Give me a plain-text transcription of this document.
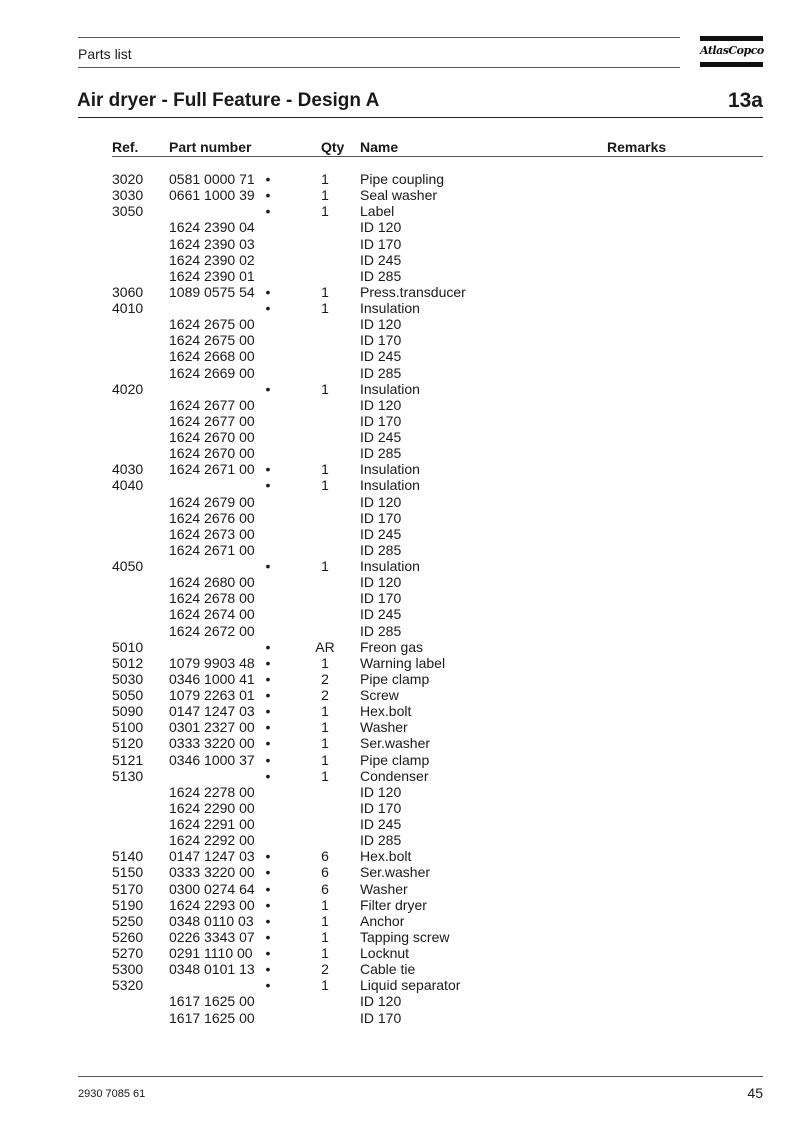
Parts list	AtlasCopco
Air dryer - Full Feature - Design A	13a
Ref. Part number	Qty Name	Remarks
3020 0581 0000 71 •	1	Pipe coupling
3030 0661 1000 39 •	1	Seal washer
3050	•	1	Label
1624 2390 04	ID 120
1624 2390 03	ID 170
1624 2390 02	ID 245
1624 2390 01	ID 285
3060 1089 0575 54 •	1	Press.transducer
4010	•	1	Insulation
1624 2675 00	ID 120
1624 2675 00	ID 170
1624 2668 00	ID 245
1624 2669 00	ID 285
4020	•	1	Insulation
1624 2677 00	ID 120
1624 2677 00	ID 170
1624 2670 00	ID 245
1624 2670 00	ID 285
4030 1624 2671 00 •	1	Insulation
4040	•	1	Insulation
1624 2679 00	ID 120
1624 2676 00	ID 170
1624 2673 00	ID 245
1624 2671 00	ID 285
4050	•	1	Insulation
1624 2680 00	ID 120
1624 2678 00	ID 170
1624 2674 00	ID 245
1624 2672 00	ID 285
5010	•	AR	Freon gas
5012 1079 9903 48 •	1	Warning label
5030 0346 1000 41 •	2	Pipe clamp
5050 1079 2263 01 •	2	Screw
5090 0147 1247 03 •	1	Hex.bolt
5100 0301 2327 00 •	1	Washer
5120 0333 3220 00 •	1	Ser.washer
5121 0346 1000 37 •	1	Pipe clamp
5130	•	1	Condenser
1624 2278 00	ID 120
1624 2290 00	ID 170
1624 2291 00	ID 245
1624 2292 00	ID 285
5140 0147 1247 03 •	6	Hex.bolt
5150 0333 3220 00 •	6	Ser.washer
5170 0300 0274 64 •	6	Washer
5190 1624 2293 00 •	1	Filter dryer
5250 0348 0110 03 •	1	Anchor
5260 0226 3343 07 •	1	Tapping screw
5270 0291 1110 00 •	1	Locknut
5300 0348 0101 13 •	2	Cable tie
5320	•	1	Liquid separator
1617 1625 00	ID 120
1617 1625 00	ID 170
2930 7085 61	45
